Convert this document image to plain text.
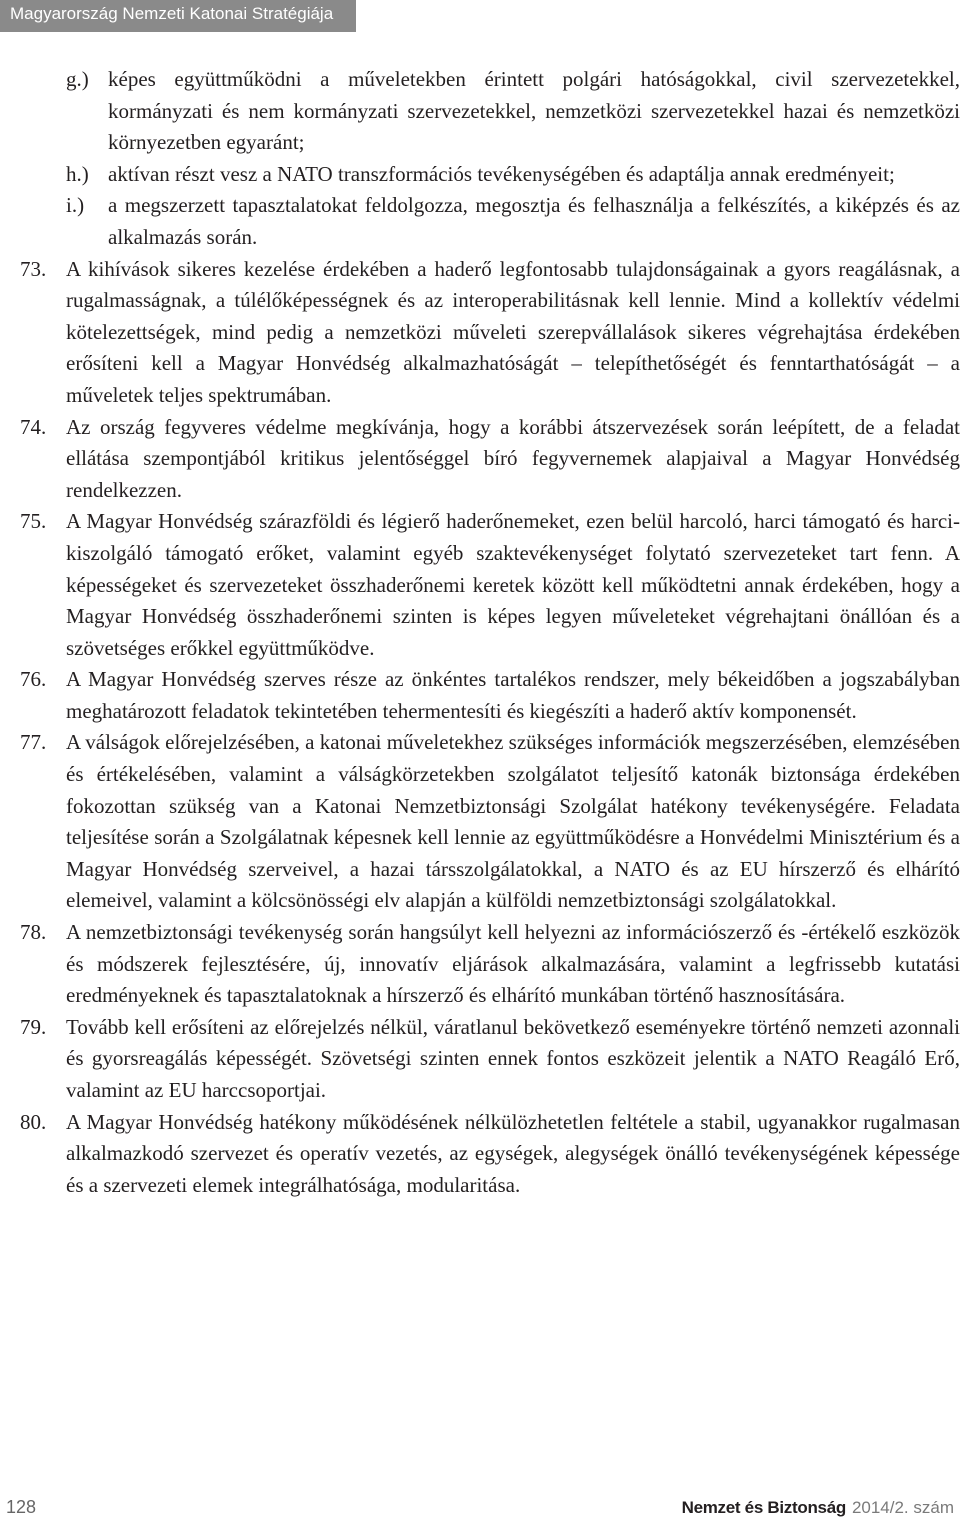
Magyarország Nemzeti Katonai Stratégiája
g.) képes együttműködni a műveletekben érintett polgári hatóságokkal, civil szervezetekkel, kormányzati és nem kormányzati szervezetekkel, nemzetközi szervezetekkel hazai és nemzetközi környezetben egyaránt;
h.) aktívan részt vesz a NATO transzformációs tevékenységében és adaptálja annak eredményeit;
i.)	a megszerzett tapasztalatokat feldolgozza, megosztja és felhasználja a felkészítés, a kiképzés és az alkalmazás során.
73. A kihívások sikeres kezelése érdekében a haderő legfontosabb tulajdonságainak a gyors reagálásnak, a rugalmasságnak, a túlélőképességnek és az interoperabilitásnak kell lennie. Mind a kollektív védelmi kötelezettségek, mind pedig a nemzetközi műveleti szerepvállalások sikeres végrehajtása érdekében erősíteni kell a Magyar Honvédség alkalmazhatóságát – telepíthetőségét és fenntarthatóságát – a műveletek teljes spektrumában.
74. Az ország fegyveres védelme megkívánja, hogy a korábbi átszervezések során leépített, de a feladat ellátása szempontjából kritikus jelentőséggel bíró fegyvernemek alapjaival a Magyar Honvédség rendelkezzen.
75. A Magyar Honvédség szárazföldi és légierő haderőnemeket, ezen belül harcoló, harci támogató és harci-kiszolgáló támogató erőket, valamint egyéb szaktevékenységet folytató szervezeteket tart fenn. A képességeket és szervezeteket összhaderőnemi keretek között kell működtetni annak érdekében, hogy a Magyar Honvédség összhaderőnemi szinten is képes legyen műveleteket végrehajtani önállóan és a szövetséges erőkkel együttműködve.
76. A Magyar Honvédség szerves része az önkéntes tartalékos rendszer, mely békeidőben a jogszabályban meghatározott feladatok tekintetében tehermentesíti és kiegészíti a haderő aktív komponensét.
77. A válságok előrejelzésében, a katonai műveletekhez szükséges információk megszerzésében, elemzésében és értékelésében, valamint a válságkörzetekben szolgálatot teljesítő katonák biztonsága érdekében fokozottan szükség van a Katonai Nemzetbiztonsági Szolgálat hatékony tevékenységére. Feladata teljesítése során a Szolgálatnak képesnek kell lennie az együttműködésre a Honvédelmi Minisztérium és a Magyar Honvédség szerveivel, a hazai társszolgálatokkal, a NATO és az EU hírszerző és elhárító elemeivel, valamint a kölcsönösségi elv alapján a külföldi nemzetbiztonsági szolgálatokkal.
78. A nemzetbiztonsági tevékenység során hangsúlyt kell helyezni az információszerző és -értékelő eszközök és módszerek fejlesztésére, új, innovatív eljárások alkalmazására, valamint a legfrissebb kutatási eredményeknek és tapasztalatoknak a hírszerző és elhárító munkában történő hasznosítására.
79. Tovább kell erősíteni az előrejelzés nélkül, váratlanul bekövetkező eseményekre történő nemzeti azonnali és gyorsreagálás képességét. Szövetségi szinten ennek fontos eszközeit jelentik a NATO Reagáló Erő, valamint az EU harccsoportjai.
80. A Magyar Honvédség hatékony működésének nélkülözhetetlen feltétele a stabil, ugyanakkor rugalmasan alkalmazkodó szervezet és operatív vezetés, az egységek, alegységek önálló tevékenységének képessége és a szervezeti elemek integrálhatósága, modularitása.
128	Nemzet és Biztonság 2014/2. szám
